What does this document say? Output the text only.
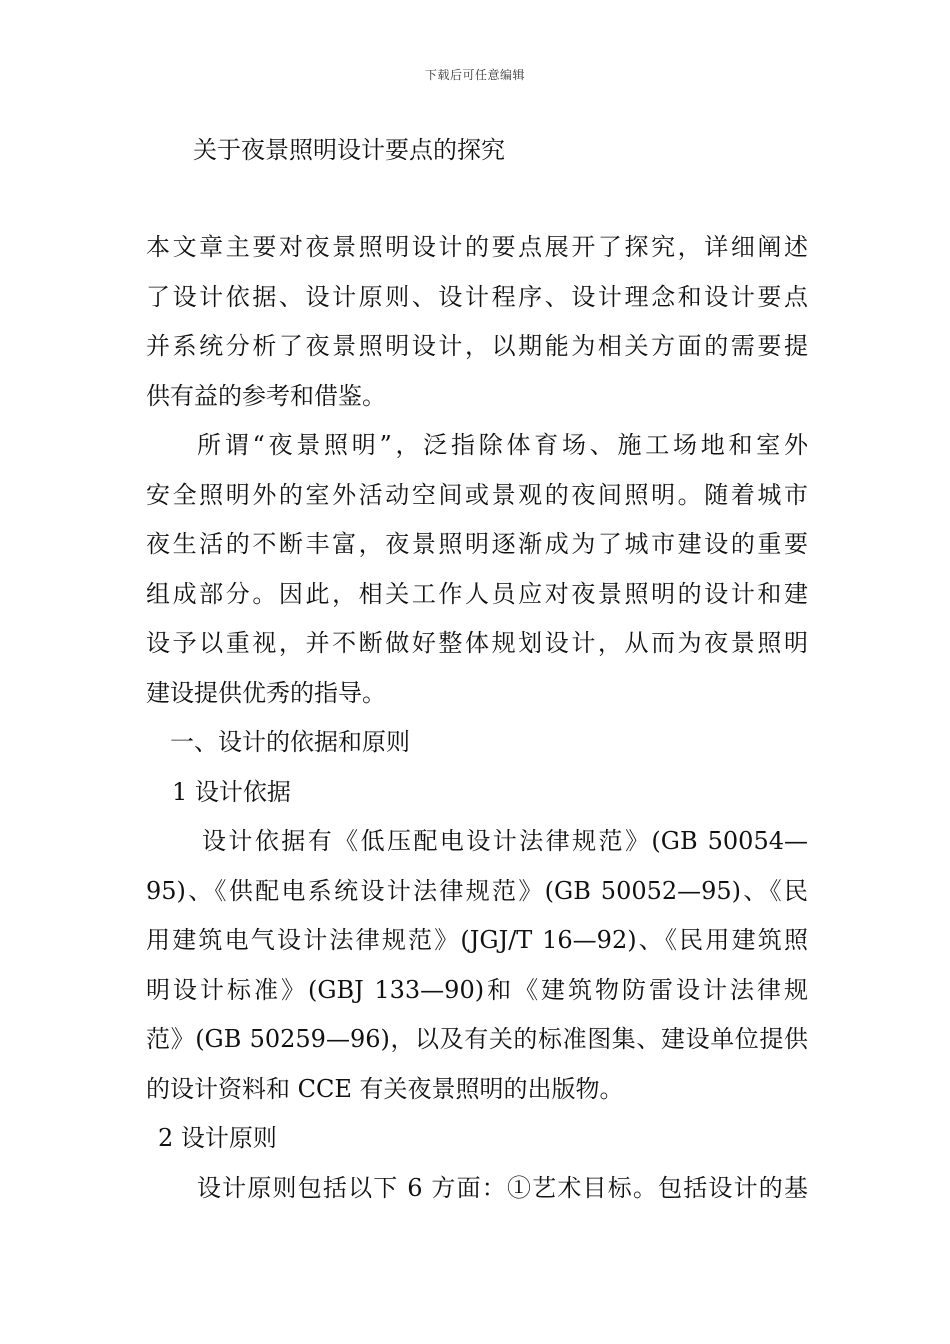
下载后可任意编辑
关于夜景照明设计要点的探究
本文章主要对夜景照明设计的要点展开了探究，详细阐述
了设计依据、设计原则、设计程序、设计理念和设计要点
并系统分析了夜景照明设计，以期能为相关方面的需要提
供有益的参考和借鉴。
所谓“夜景照明”，泛指除体育场、施工场地和室外
安全照明外的室外活动空间或景观的夜间照明。随着城市
夜生活的不断丰富，夜景照明逐渐成为了城市建设的重要
组成部分。因此，相关工作人员应对夜景照明的设计和建
设予以重视，并不断做好整体规划设计，从而为夜景照明
建设提供优秀的指导。
一、设计的依据和原则
1 设计依据
设计依据有《低压配电设计法律规范》(GB 50054—
95)、《供配电系统设计法律规范》(GB 50052—95)、《民
用建筑电气设计法律规范》(JGJ/T 16—92)、《民用建筑照
明设计标准》(GBJ 133—90)和《建筑物防雷设计法律规
范》(GB 50259—96)，以及有关的标准图集、建设单位提供
的设计资料和 CCE 有关夜景照明的出版物。
2 设计原则
设计原则包括以下 6 方面：①艺术目标。包括设计的基
